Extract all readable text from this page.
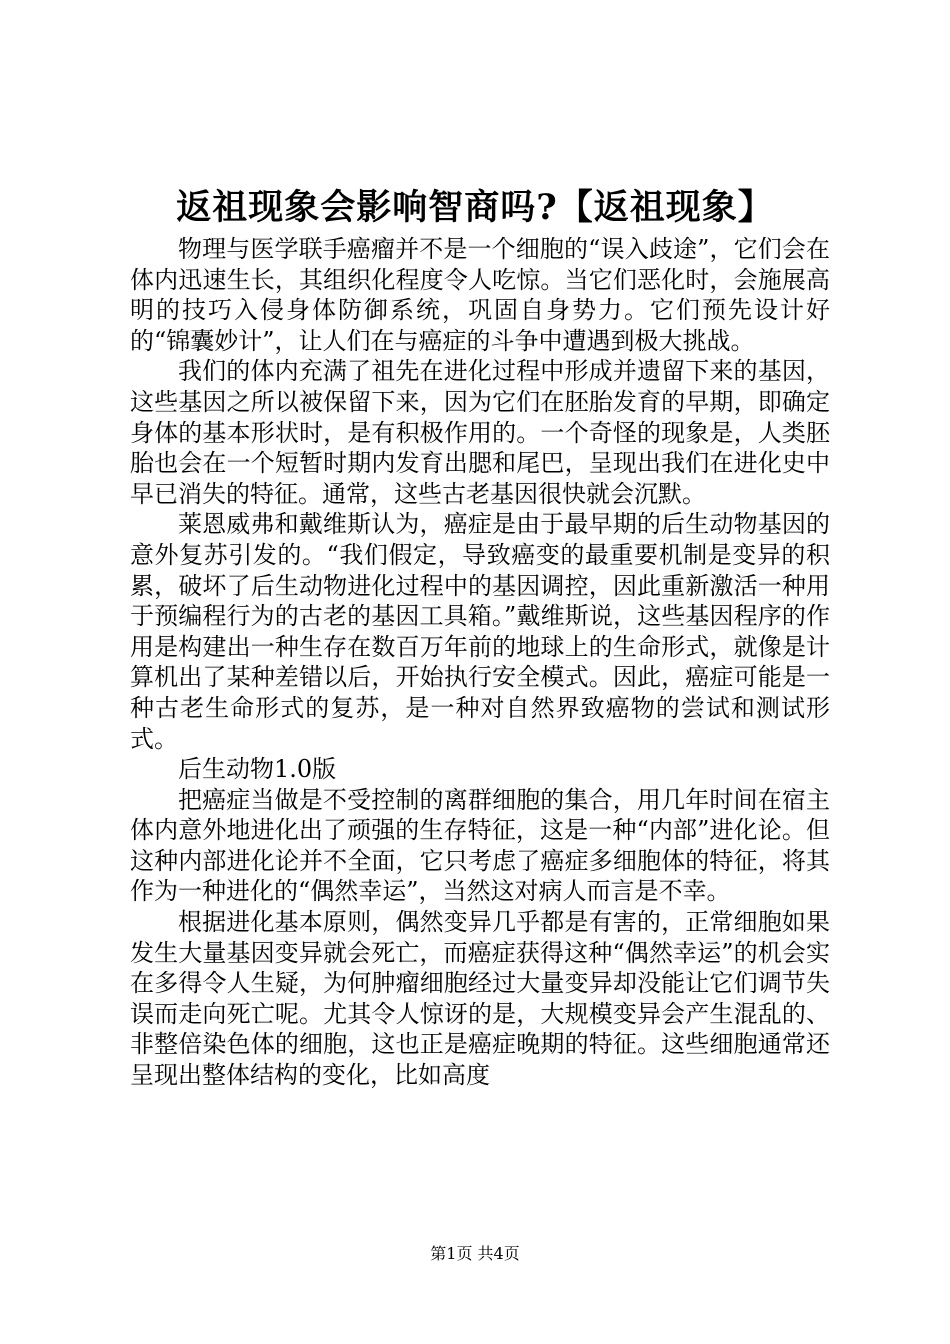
返祖现象会影响智商吗?【返祖现象】

物理与医学联手癌瘤并不是一个细胞的“误入歧途”，它们会在体内迅速生长，其组织化程度令人吃惊。当它们恶化时，会施展高明的技巧入侵身体防御系统，巩固自身势力。它们预先设计好的“锦囊妙计”，让人们在与癌症的斗争中遭遇到极大挑战。

我们的体内充满了祖先在进化过程中形成并遗留下来的基因，这些基因之所以被保留下来，因为它们在胚胎发育的早期，即确定身体的基本形状时，是有积极作用的。一个奇怪的现象是，人类胚胎也会在一个短暂时期内发育出腮和尾巴，呈现出我们在进化史中早已消失的特征。通常，这些古老基因很快就会沉默。

莱恩威弗和戴维斯认为，癌症是由于最早期的后生动物基因的意外复苏引发的。“我们假定，导致癌变的最重要机制是变异的积累，破坏了后生动物进化过程中的基因调控，因此重新激活一种用于预编程行为的古老的基因工具箱。”戴维斯说，这些基因程序的作用是构建出一种生存在数百万年前的地球上的生命形式，就像是计算机出了某种差错以后，开始执行安全模式。因此，癌症可能是一种古老生命形式的复苏，是一种对自然界致癌物的尝试和测试形式。

后生动物1.0版

把癌症当做是不受控制的离群细胞的集合，用几年时间在宿主体内意外地进化出了顽强的生存特征，这是一种“内部”进化论。但这种内部进化论并不全面，它只考虑了癌症多细胞体的特征，将其作为一种进化的“偶然幸运”，当然这对病人而言是不幸。

根据进化基本原则，偶然变异几乎都是有害的，正常细胞如果发生大量基因变异就会死亡，而癌症获得这种“偶然幸运”的机会实在多得令人生疑，为何肿瘤细胞经过大量变异却没能让它们调节失误而走向死亡呢。尤其令人惊讶的是，大规模变异会产生混乱的、非整倍染色体的细胞，这也正是癌症晚期的特征。这些细胞通常还呈现出整体结构的变化，比如高度

第1页 共4页
